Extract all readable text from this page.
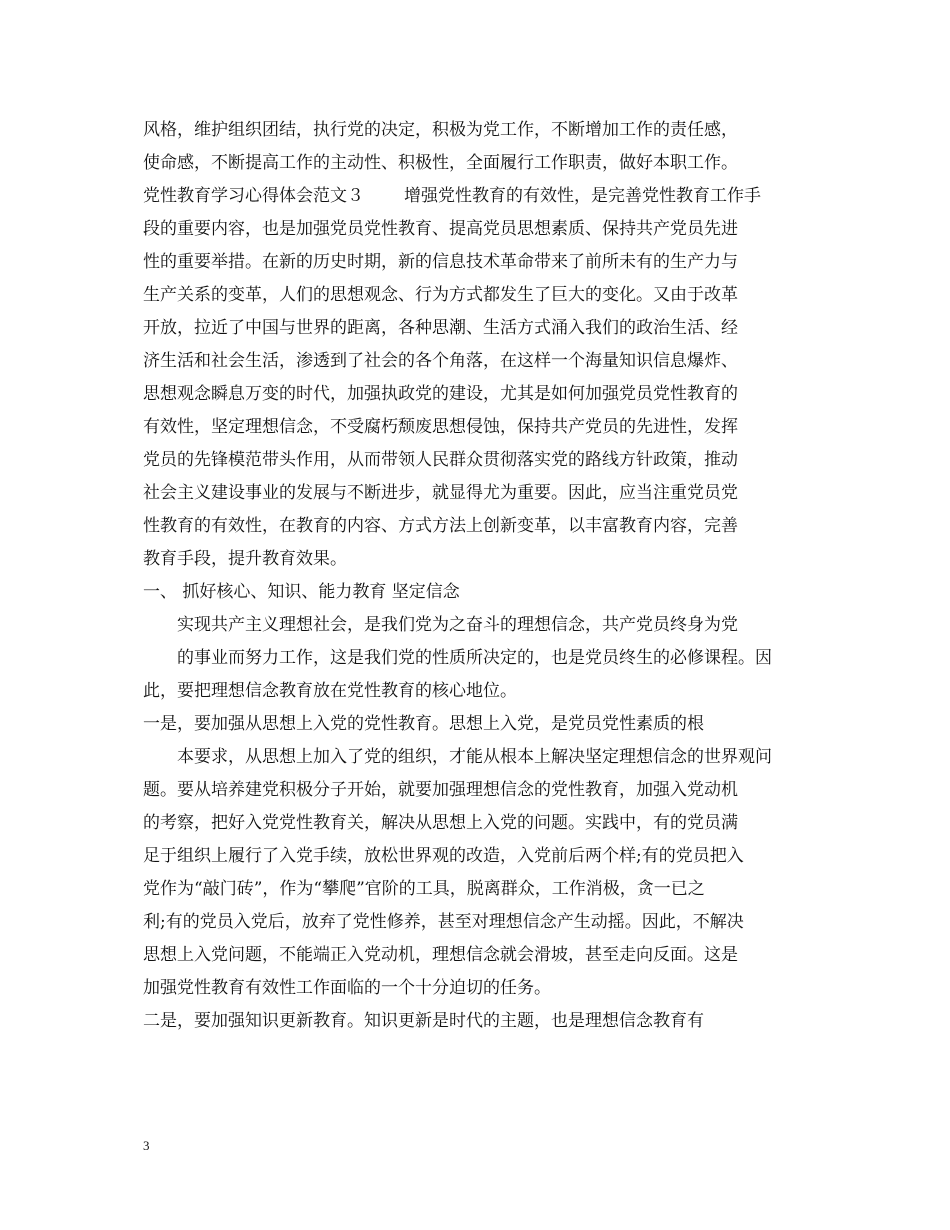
风格，维护组织团结，执行党的决定，积极为党工作，不断增加工作的责任感，
使命感，不断提高工作的主动性、积极性，全面履行工作职责，做好本职工作。
党性教育学习心得体会范文３ 增强党性教育的有效性，是完善党性教育工作手
段的重要内容，也是加强党员党性教育、提高党员思想素质、保持共产党员先进
性的重要举措。在新的历史时期，新的信息技术革命带来了前所未有的生产力与
生产关系的变革，人们的思想观念、行为方式都发生了巨大的变化。又由于改革
开放，拉近了中国与世界的距离，各种思潮、生活方式涌入我们的政治生活、经
济生活和社会生活，渗透到了社会的各个角落，在这样一个海量知识信息爆炸、
思想观念瞬息万变的时代，加强执政党的建设，尤其是如何加强党员党性教育的
有效性，坚定理想信念，不受腐朽颓废思想侵蚀，保持共产党员的先进性，发挥
党员的先锋模范带头作用，从而带领人民群众贯彻落实党的路线方针政策，推动
社会主义建设事业的发展与不断进步，就显得尤为重要。因此，应当注重党员党
性教育的有效性，在教育的内容、方式方法上创新变革，以丰富教育内容，完善
教育手段，提升教育效果。
一、 抓好核心、知识、能力教育 坚定信念
实现共产主义理想社会，是我们党为之奋斗的理想信念，共产党员终身为党
的事业而努力工作，这是我们党的性质所决定的，也是党员终生的必修课程。因
此，要把理想信念教育放在党性教育的核心地位。
一是，要加强从思想上入党的党性教育。思想上入党，是党员党性素质的根
本要求，从思想上加入了党的组织，才能从根本上解决坚定理想信念的世界观问
题。要从培养建党积极分子开始，就要加强理想信念的党性教育，加强入党动机
的考察，把好入党党性教育关，解决从思想上入党的问题。实践中，有的党员满
足于组织上履行了入党手续，放松世界观的改造，入党前后两个样;有的党员把入
党作为“敲门砖”，作为“攀爬”官阶的工具，脱离群众，工作消极，贪一已之
利;有的党员入党后，放弃了党性修养，甚至对理想信念产生动摇。因此，不解决
思想上入党问题，不能端正入党动机，理想信念就会滑坡，甚至走向反面。这是
加强党性教育有效性工作面临的一个十分迫切的任务。
二是，要加强知识更新教育。知识更新是时代的主题，也是理想信念教育有
3
